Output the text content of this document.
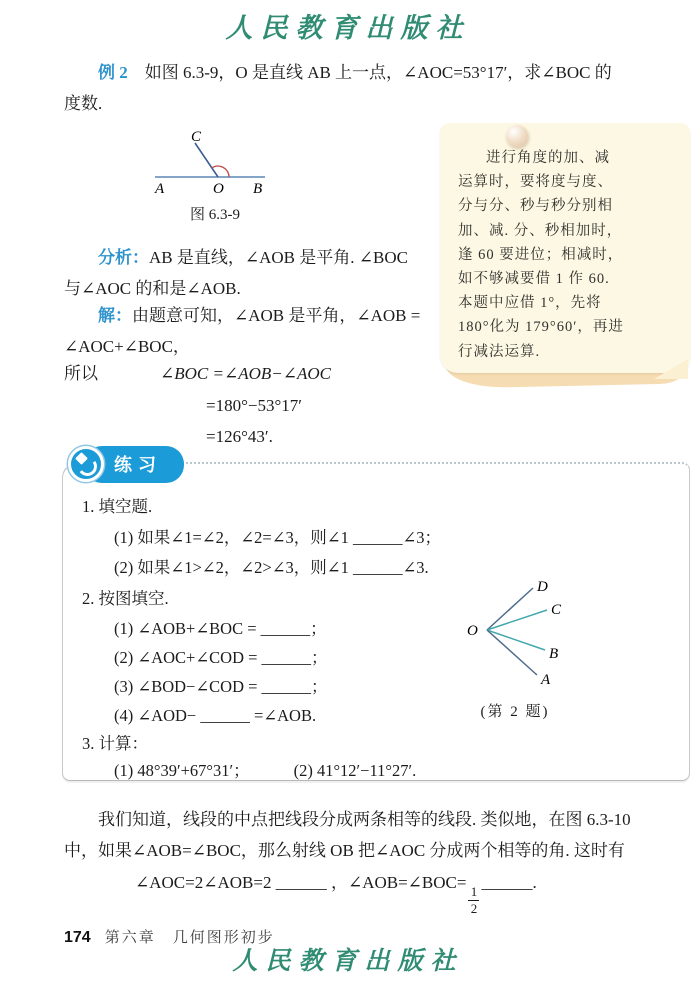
人民教育出版社
例 2  如图 6.3-9，O 是直线 AB 上一点，∠AOC=53°17′，求∠BOC 的
度数.
A	O B
C
图 6.3-9
进行角度的加、减
运算时，要将度与度、
分与分、秒与秒分别相
加、减. 分、秒相加时，
逢 60 要进位；相减时，
如不够减要借 1 作 60.
本题中应借 1°，先将
180°化为 179°60′，再进
行减法运算.
分析：AB 是直线，∠AOB 是平角. ∠BOC
与∠AOC 的和是∠AOB.
解：由题意可知，∠AOB 是平角，∠AOB =
∠AOC+∠BOC，
所以	∠BOC =∠AOB−∠AOC
=180°−53°17′
=126°43′.
练习
1. 填空题.
(1) 如果∠1=∠2，∠2=∠3，则∠1 ______∠3；
(2) 如果∠1>∠2，∠2>∠3，则∠1 ______∠3.
2. 按图填空.
(1) ∠AOB+∠BOC = ______；
(2) ∠AOC+∠COD = ______；
(3) ∠BOD−∠COD = ______；
(4) ∠AOD− ______ =∠AOB.
3. 计算：
(1) 48°39′+67°31′；	(2) 41°12′−11°27′.
O
D
C
B
A
(第 2 题)
我们知道，线段的中点把线段分成两条相等的线段. 类似地，在图 6.3-10
中，如果∠AOB=∠BOC，那么射线 OB 把∠AOC 分成两个相等的角. 这时有
∠AOC=2∠AOB=2 ______ ，∠AOB=∠BOC=
$\frac{1}{2}$
______.
174 第六章　几何图形初步
人民教育出版社
